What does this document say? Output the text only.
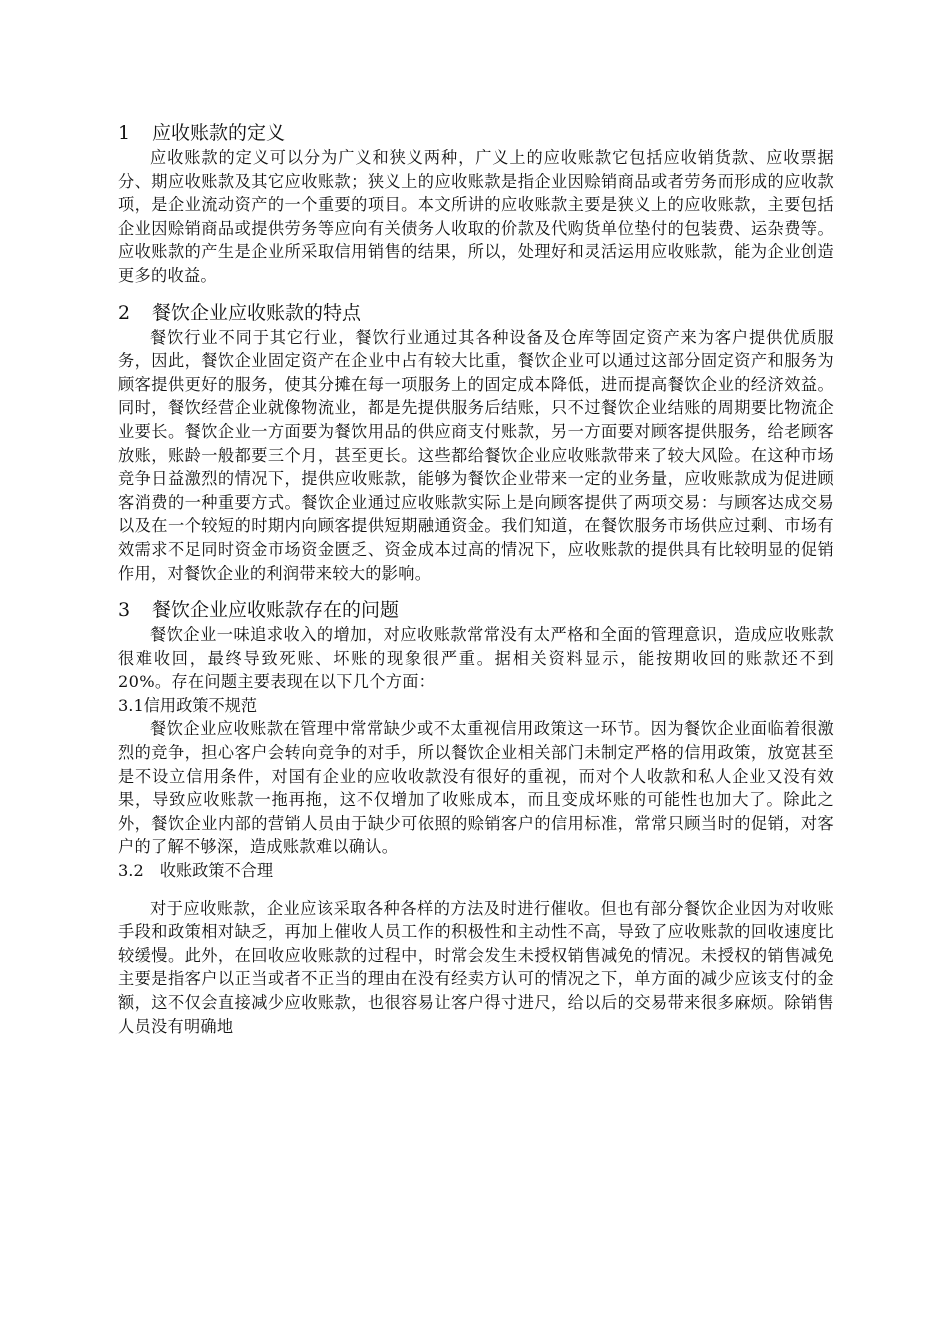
1 应收账款的定义

应收账款的定义可以分为广义和狭义两种，广义上的应收账款它包括应收销货款、应收票据分、期应收账款及其它应收账款；狭义上的应收账款是指企业因赊销商品或者劳务而形成的应收款项，是企业流动资产的一个重要的项目。本文所讲的应收账款主要是狭义上的应收账款，主要包括企业因赊销商品或提供劳务等应向有关债务人收取的价款及代购货单位垫付的包装费、运杂费等。应收账款的产生是企业所采取信用销售的结果，所以，处理好和灵活运用应收账款，能为企业创造更多的收益。

2 餐饮企业应收账款的特点

餐饮行业不同于其它行业，餐饮行业通过其各种设备及仓库等固定资产来为客户提供优质服务，因此，餐饮企业固定资产在企业中占有较大比重，餐饮企业可以通过这部分固定资产和服务为顾客提供更好的服务，使其分摊在每一项服务上的固定成本降低，进而提高餐饮企业的经济效益。同时，餐饮经营企业就像物流业，都是先提供服务后结账，只不过餐饮企业结账的周期要比物流企业要长。餐饮企业一方面要为餐饮用品的供应商支付账款，另一方面要对顾客提供服务，给老顾客放账，账龄一般都要三个月，甚至更长。这些都给餐饮企业应收账款带来了较大风险。在这种市场竞争日益激烈的情况下，提供应收账款，能够为餐饮企业带来一定的业务量，应收账款成为促进顾客消费的一种重要方式。餐饮企业通过应收账款实际上是向顾客提供了两项交易：与顾客达成交易以及在一个较短的时期内向顾客提供短期融通资金。我们知道，在餐饮服务市场供应过剩、市场有效需求不足同时资金市场资金匮乏、资金成本过高的情况下，应收账款的提供具有比较明显的促销作用，对餐饮企业的利润带来较大的影响。

3 餐饮企业应收账款存在的问题

餐饮企业一味追求收入的增加，对应收账款常常没有太严格和全面的管理意识，造成应收账款很难收回，最终导致死账、坏账的现象很严重。据相关资料显示，能按期收回的账款还不到 20%。存在问题主要表现在以下几个方面：

3.1信用政策不规范

餐饮企业应收账款在管理中常常缺少或不太重视信用政策这一环节。因为餐饮企业面临着很激烈的竞争，担心客户会转向竞争的对手，所以餐饮企业相关部门未制定严格的信用政策，放宽甚至是不设立信用条件，对国有企业的应收收款没有很好的重视，而对个人收款和私人企业又没有效果，导致应收账款一拖再拖，这不仅增加了收账成本，而且变成坏账的可能性也加大了。除此之外，餐饮企业内部的营销人员由于缺少可依照的赊销客户的信用标准，常常只顾当时的促销，对客户的了解不够深，造成账款难以确认。

3.2 收账政策不合理

对于应收账款，企业应该采取各种各样的方法及时进行催收。但也有部分餐饮企业因为对收账手段和政策相对缺乏，再加上催收人员工作的积极性和主动性不高，导致了应收账款的回收速度比较缓慢。此外，在回收应收账款的过程中，时常会发生未授权销售减免的情况。未授权的销售减免主要是指客户以正当或者不正当的理由在没有经卖方认可的情况之下，单方面的减少应该支付的金额，这不仅会直接减少应收账款，也很容易让客户得寸进尺，给以后的交易带来很多麻烦。除销售人员没有明确地
